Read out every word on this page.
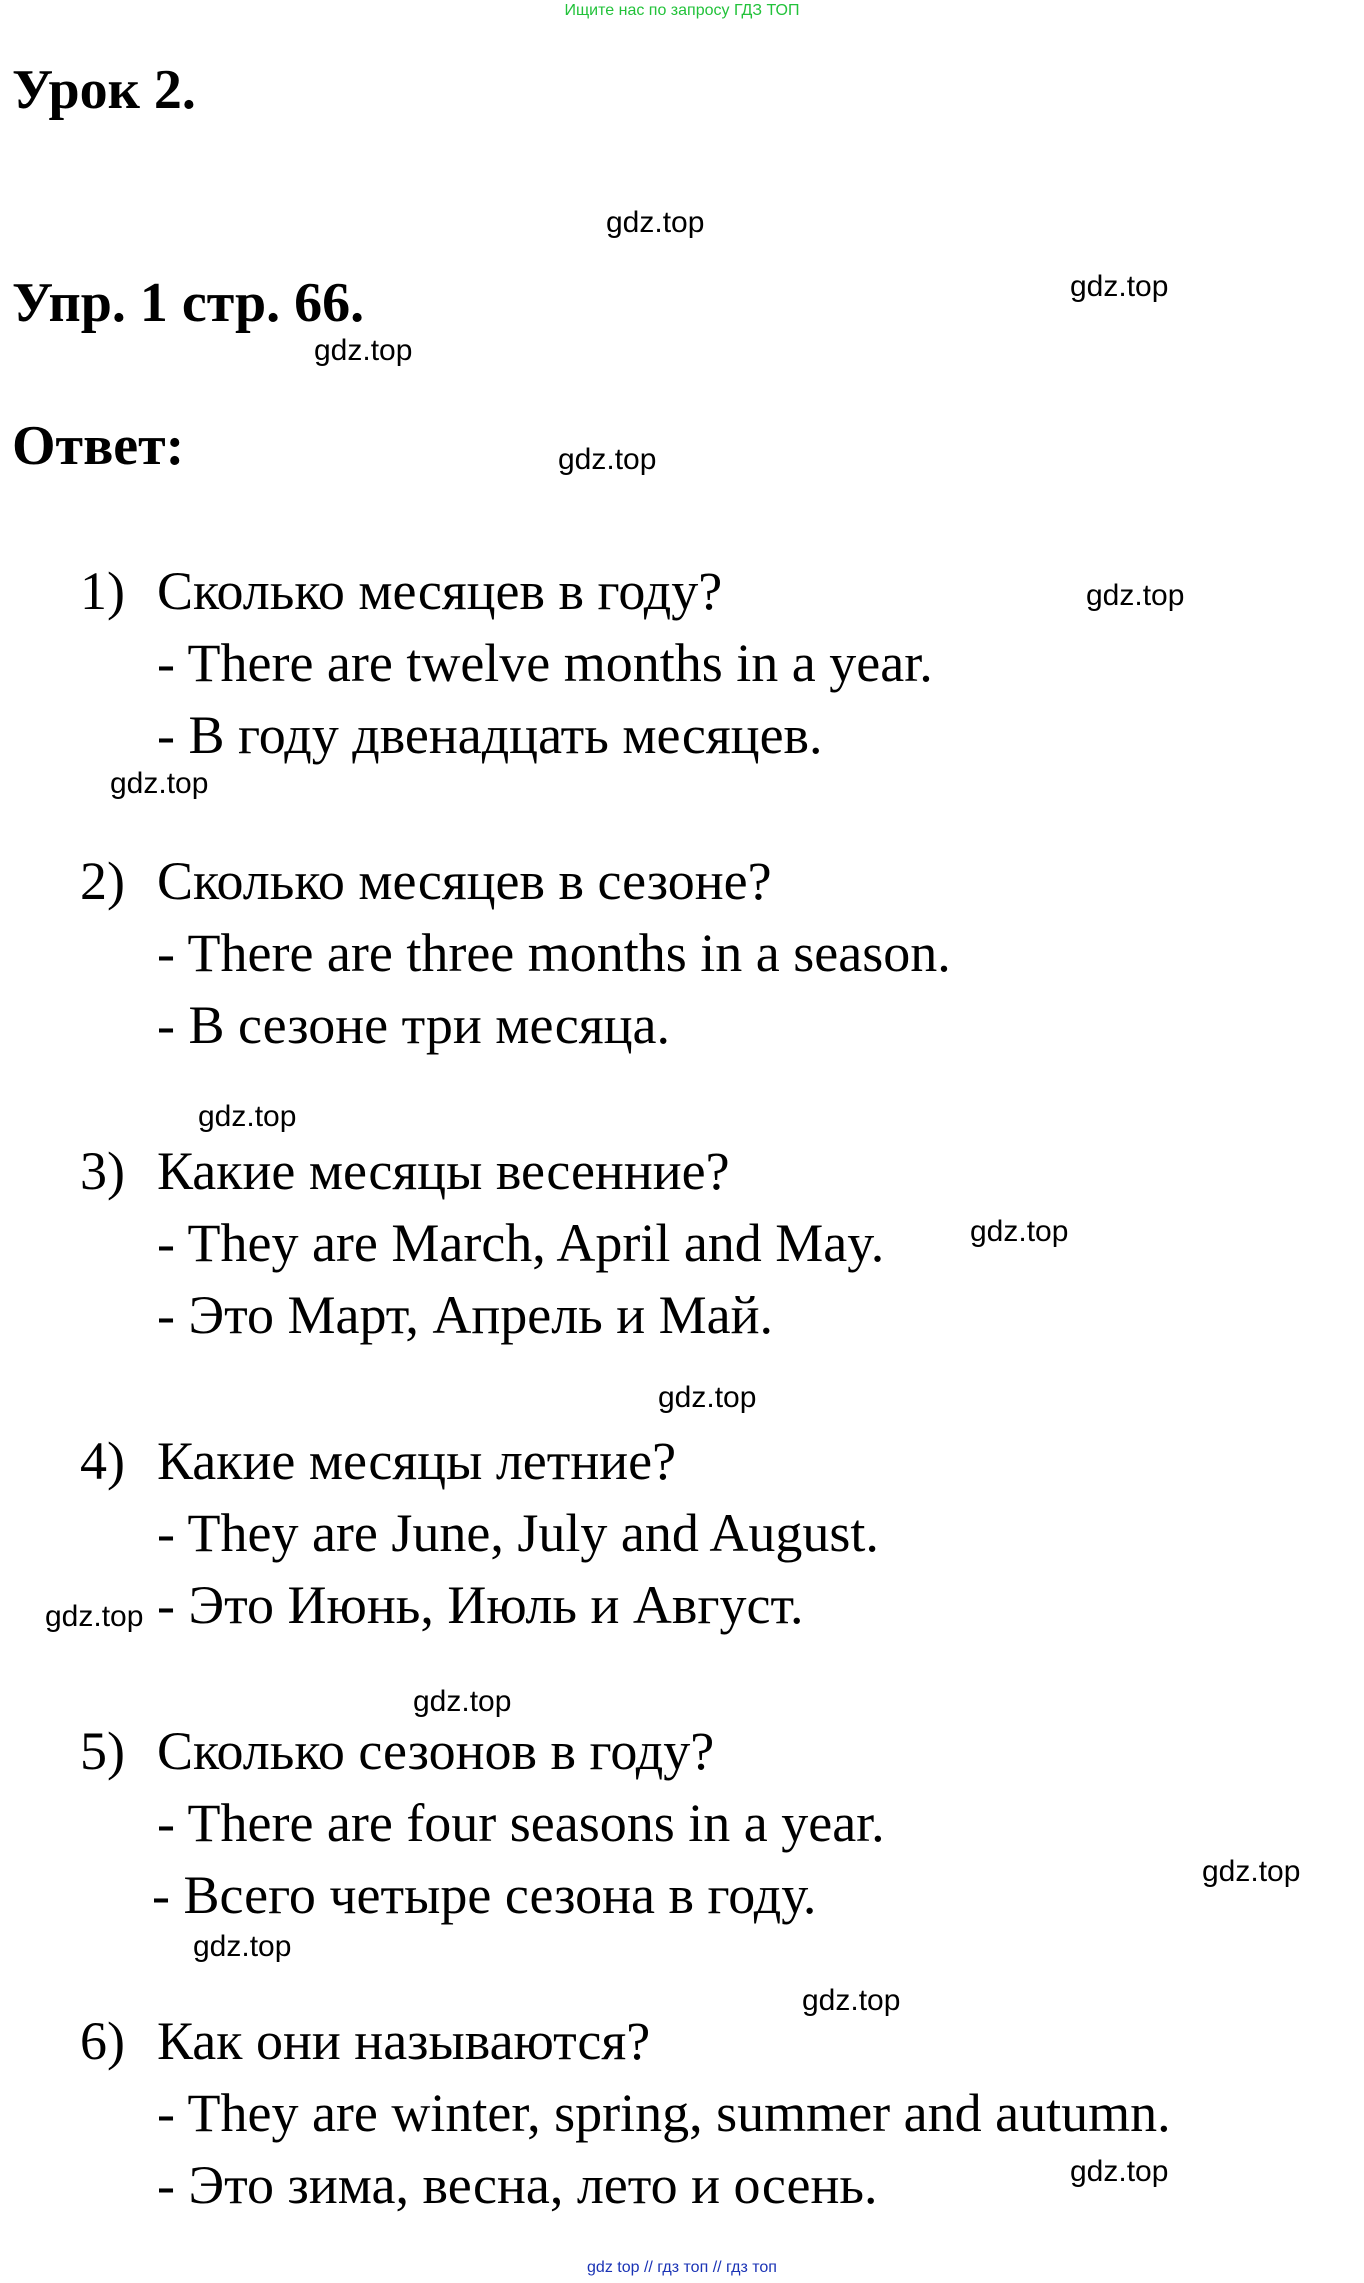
Ищите нас по запросу ГДЗ ТОП
Урок 2.
Упр. 1 стр. 66.
Ответ:
1) Сколько месяцев в году?
- There are twelve months in a year.
- В году двенадцать месяцев.
2) Сколько месяцев в сезоне?
- There are three months in a season.
- В сезоне три месяца.
3) Какие месяцы весенние?
- They are March, April and May.
- Это Март, Апрель и Май.
4) Какие месяцы летние?
- They are June, July and August.
- Это Июнь, Июль и Август.
5) Сколько сезонов в году?
- There are four seasons in a year.
- Всего четыре сезона в году.
6) Как они называются?
- They are winter, spring, summer and autumn.
- Это зима, весна, лето и осень.
gdz.top
gdz.top
gdz.top
gdz.top
gdz.top
gdz.top
gdz.top
gdz.top
gdz.top
gdz.top
gdz.top
gdz.top
gdz.top
gdz.top
gdz.top
gdz top // гдз топ // гдз топ
